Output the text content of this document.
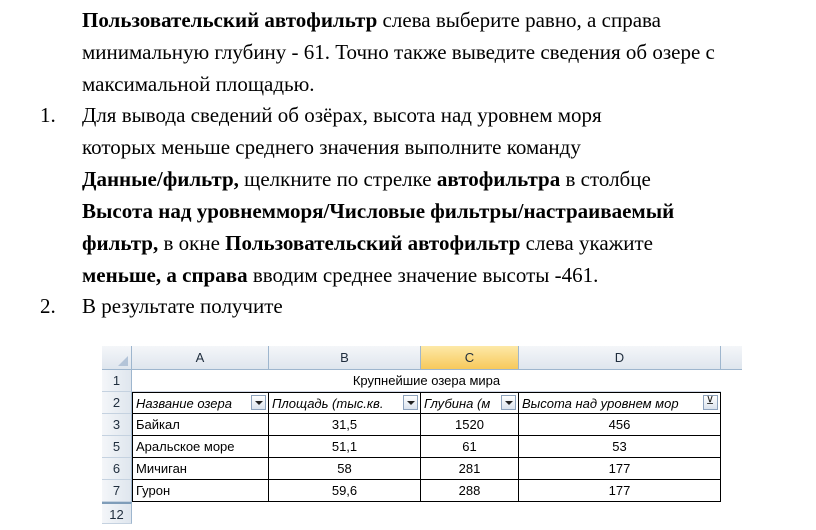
Пользовательский автофильтр слева выберите равно, а справа
минимальную глубину - 61. Точно также выведите сведения об озере с
максимальной площадью.
1. Для вывода сведений об озёрах, высота над уровнем моря
которых меньше среднего значения выполните команду
Данные/фильтр, щелкните по стрелке автофильтра в столбце
Высота над уровнемморя/Числовые фильтры/настраиваемый
фильтр, в окне Пользовательский автофильтр слева укажите
меньше, а справа вводим среднее значение высоты -461.
2. В результате получите
A	B	C	D
1	Крупнейшие озера мира
2	Название озера	Площадь (тыс.кв.	Глубина (м	Высота над уровнем мор
⊻
3	Байкал	31,5	1520	456
5	Аральское море	51,1	61	53
6	Мичиган	58	281	177
7	Гурон	59,6	288	177
12
